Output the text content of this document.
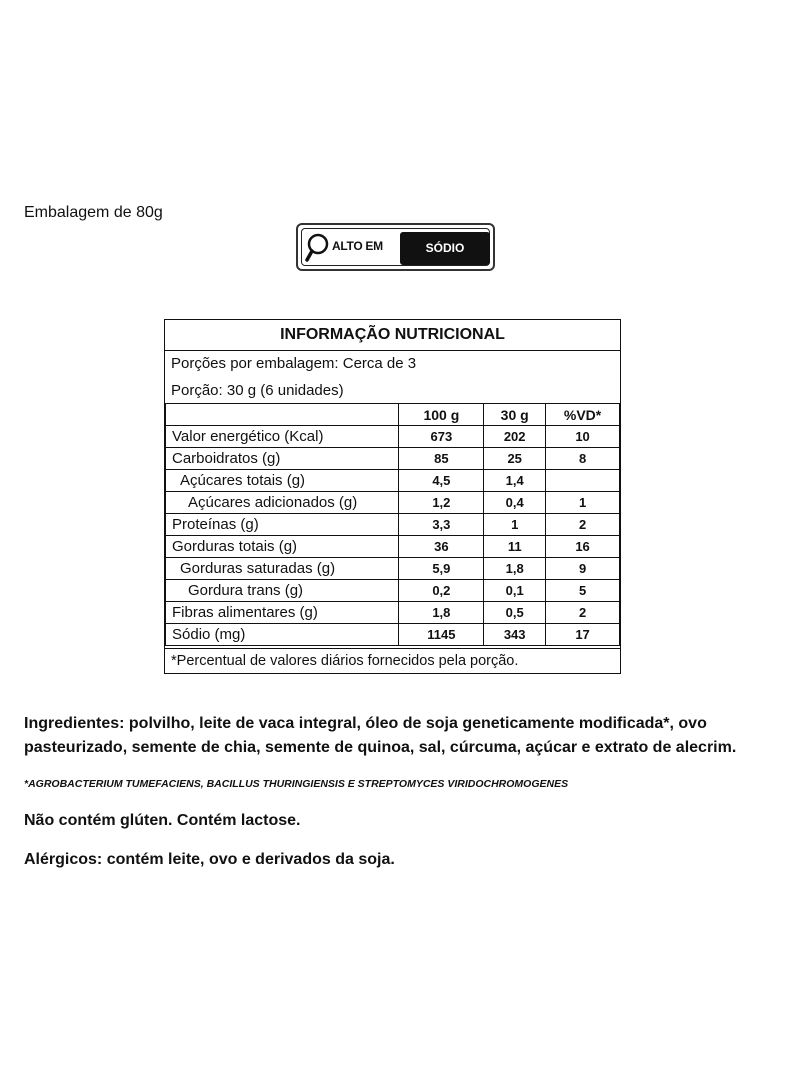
Embalagem de 80g
ALTO EM	SÓDIO
INFORMAÇÃO NUTRICIONAL
Porções por embalagem: Cerca de 3
Porção: 30 g (6 unidades)
	100 g	30 g	%VD*
Valor energético (Kcal)	673	202	10
Carboidratos (g)	85	25	8
Açúcares totais (g)	4,5	1,4	
Açúcares adicionados (g)	1,2	0,4	1
Proteínas (g)	3,3	1	2
Gorduras totais (g)	36	11	16
Gorduras saturadas (g)	5,9	1,8	9
Gordura trans (g)	0,2	0,1	5
Fibras alimentares (g)	1,8	0,5	2
Sódio (mg)	1145	343	17
*Percentual de valores diários fornecidos pela porção.
Ingredientes: polvilho, leite de vaca integral, óleo de soja geneticamente modificada*, ovo pasteurizado, semente de chia, semente de quinoa, sal, cúrcuma, açúcar e extrato de alecrim.
*AGROBACTERIUM TUMEFACIENS, BACILLUS THURINGIENSIS E STREPTOMYCES VIRIDOCHROMOGENES
Não contém glúten. Contém lactose.
Alérgicos: contém leite, ovo e derivados da soja.
